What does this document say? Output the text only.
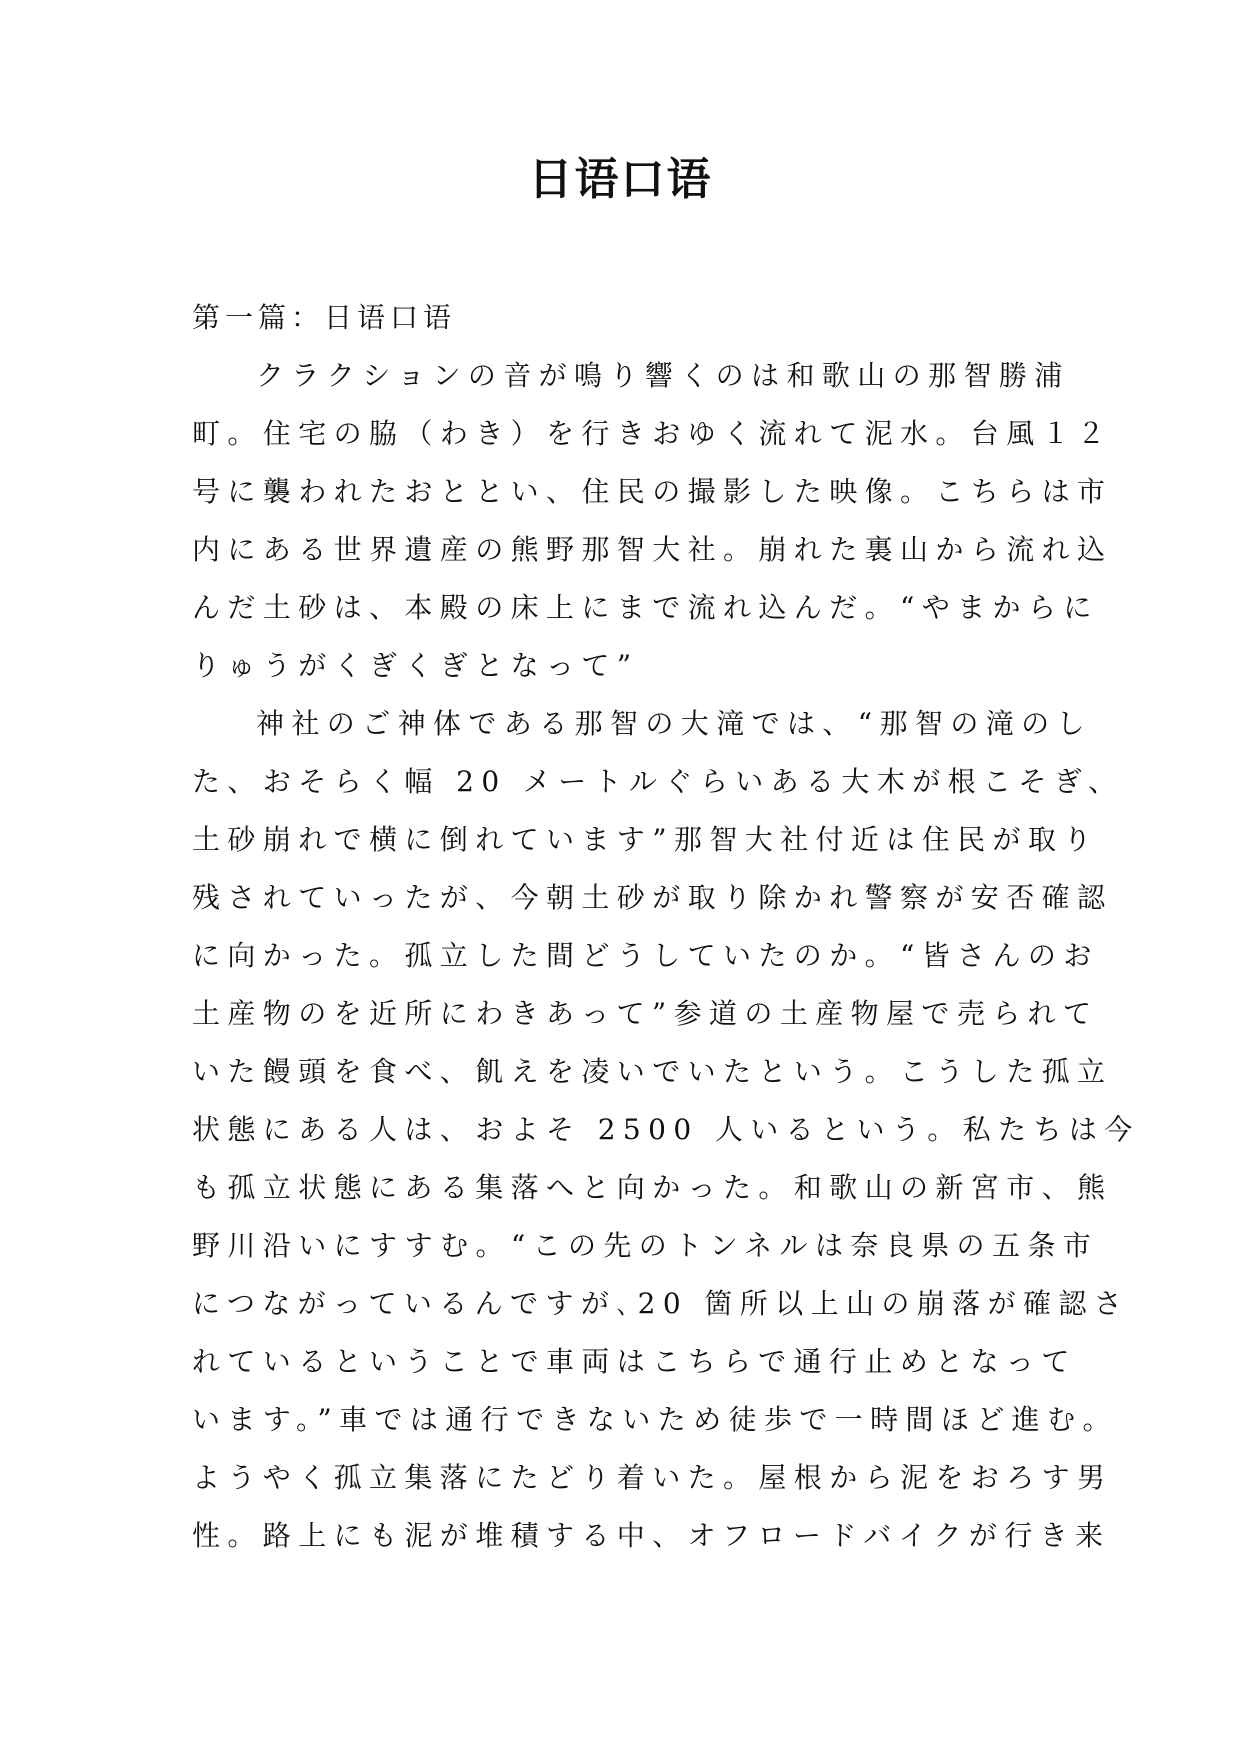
日语口语
第一篇：日语口语
クラクションの音が鳴り響くのは和歌山の那智勝浦
町。住宅の脇（わき）を行きおゆく流れて泥水。台風１２
号に襲われたおととい、住民の撮影した映像。こちらは市
内にある世界遺産の熊野那智大社。崩れた裏山から流れ込
んだ土砂は、本殿の床上にまで流れ込んだ。“やまからに
りゅうがくぎくぎとなって”
神社のご神体である那智の大滝では、“那智の滝のし
た、おそらく幅 20 メートルぐらいある大木が根こそぎ、
土砂崩れで横に倒れています”那智大社付近は住民が取り
残されていったが、今朝土砂が取り除かれ警察が安否確認
に向かった。孤立した間どうしていたのか。“皆さんのお
土産物のを近所にわきあって”参道の土産物屋で売られて
いた饅頭を食べ、飢えを凌いでいたという。こうした孤立
状態にある人は、およそ 2500 人いるという。私たちは今
も孤立状態にある集落へと向かった。和歌山の新宮市、熊
野川沿いにすすむ。“この先のトンネルは奈良県の五条市
につながっているんですが､20 箇所以上山の崩落が確認さ
れているということで車両はこちらで通行止めとなって
います。”車では通行できないため徒歩で一時間ほど進む。
ようやく孤立集落にたどり着いた。屋根から泥をおろす男
性。路上にも泥が堆積する中、オフロードバイクが行き来
